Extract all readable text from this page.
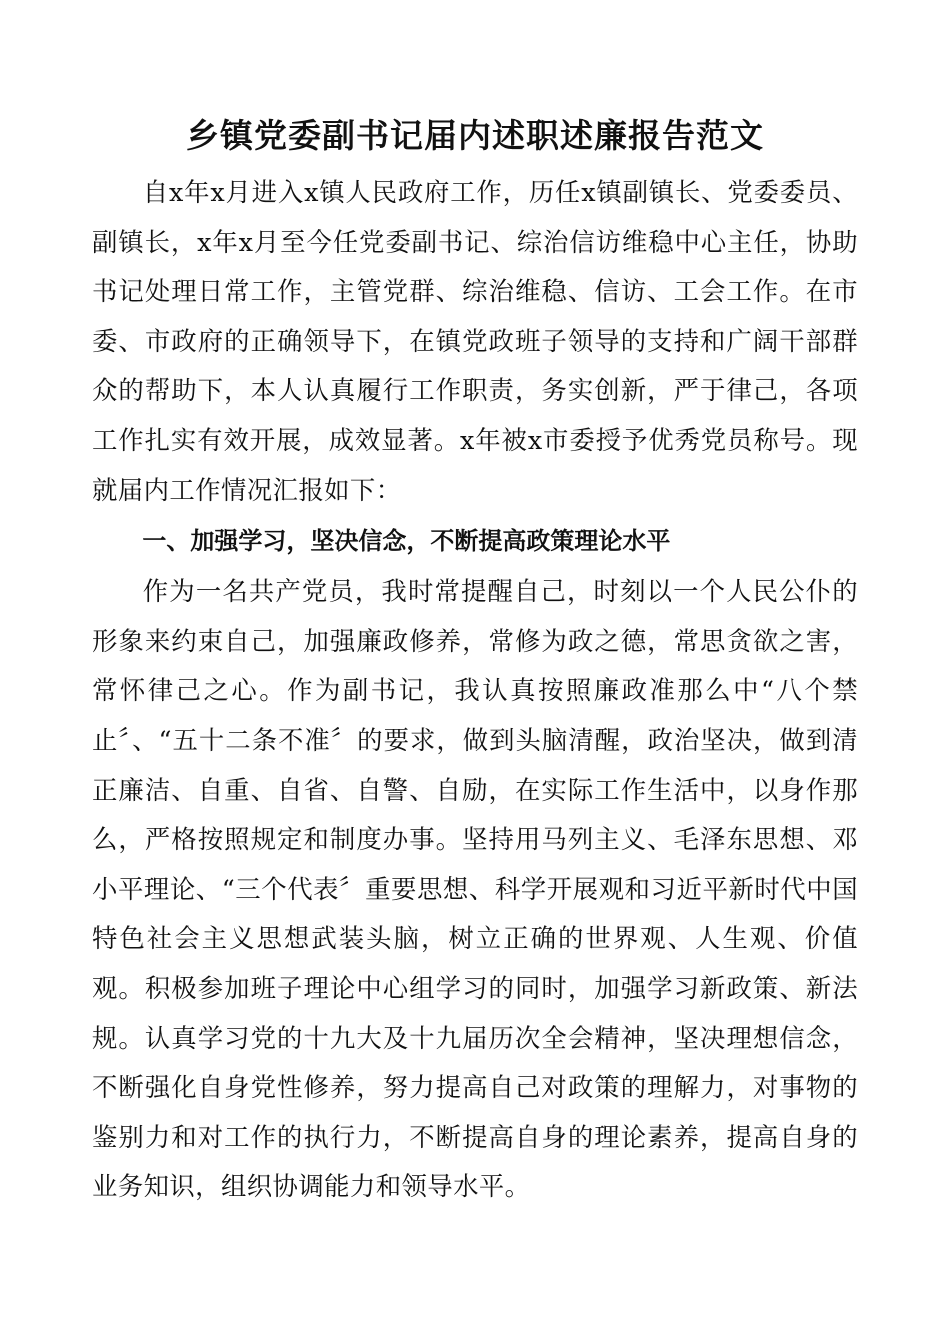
乡镇党委副书记届内述职述廉报告范文

自x年x月进入x镇人民政府工作，历任x镇副镇长、党委委员、副镇长，x年x月至今任党委副书记、综治信访维稳中心主任，协助书记处理日常工作，主管党群、综治维稳、信访、工会工作。在市委、市政府的正确领导下，在镇党政班子领导的支持和广阔干部群众的帮助下，本人认真履行工作职责，务实创新，严于律己，各项工作扎实有效开展，成效显著。x年被x市委授予优秀党员称号。现就届内工作情况汇报如下：

一、加强学习，坚决信念，不断提高政策理论水平

作为一名共产党员，我时常提醒自己，时刻以一个人民公仆的形象来约束自己，加强廉政修养，常修为政之德，常思贪欲之害，常怀律己之心。作为副书记，我认真按照廉政准那么中“八个禁止〞、“五十二条不准〞的要求，做到头脑清醒，政治坚决，做到清正廉洁、自重、自省、自警、自励，在实际工作生活中，以身作那么，严格按照规定和制度办事。坚持用马列主义、毛泽东思想、邓小平理论、“三个代表〞重要思想、科学开展观和习近平新时代中国特色社会主义思想武装头脑，树立正确的世界观、人生观、价值观。积极参加班子理论中心组学习的同时，加强学习新政策、新法规。认真学习党的十九大及十九届历次全会精神，坚决理想信念，不断强化自身党性修养，努力提高自己对政策的理解力，对事物的鉴别力和对工作的执行力，不断提高自身的理论素养，提高自身的业务知识，组织协调能力和领导水平。
